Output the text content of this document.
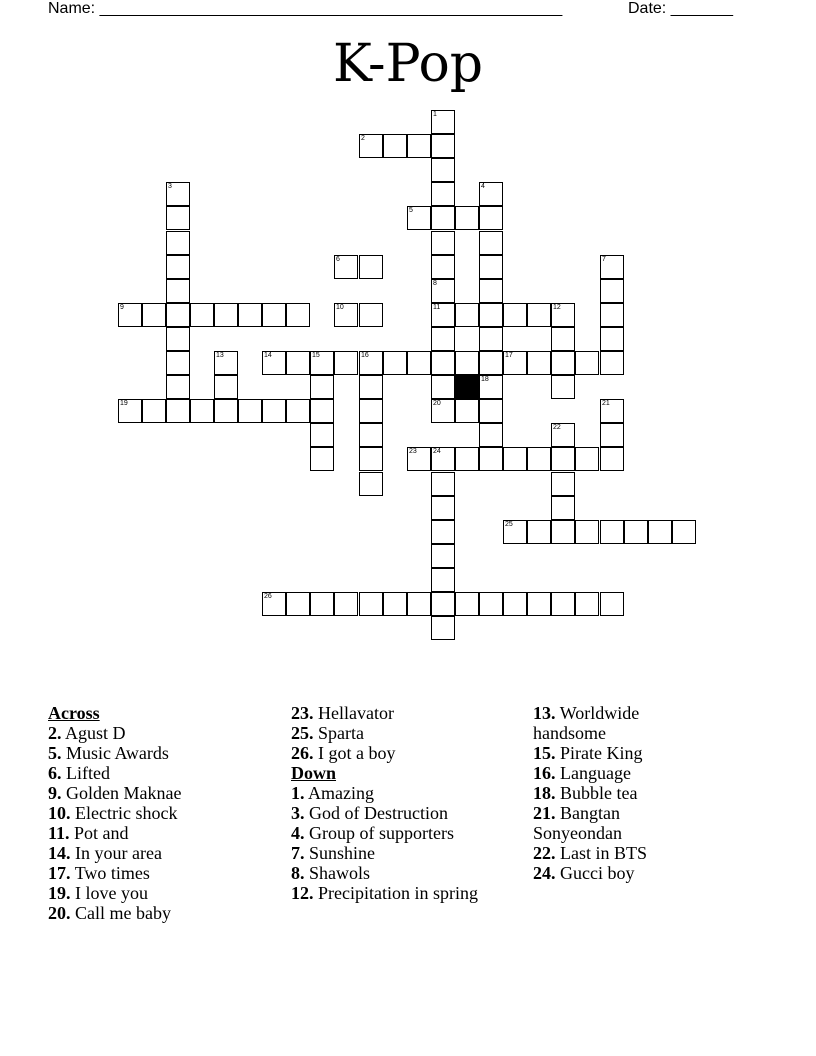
Name: ____________________________________________________	Date: _______
K-Pop
2
5
6
9	10	11	12
14	15	16	17
19	20
23 24
25
26
1
3	4
18
7
8
13
21
22
Across
2. Agust D
5. Music Awards
6. Lifted
9. Golden Maknae
10. Electric shock
11. Pot and
14. In your area
17. Two times
19. I love you
20. Call me baby
23. Hellavator
25. Sparta
26. I got a boy
Down
1. Amazing
3. God of Destruction
4. Group of supporters
7. Sunshine
8. Shawols
12. Precipitation in spring
13. Worldwide handsome
15. Pirate King
16. Language
18. Bubble tea
21. Bangtan Sonyeondan
22. Last in BTS
24. Gucci boy
